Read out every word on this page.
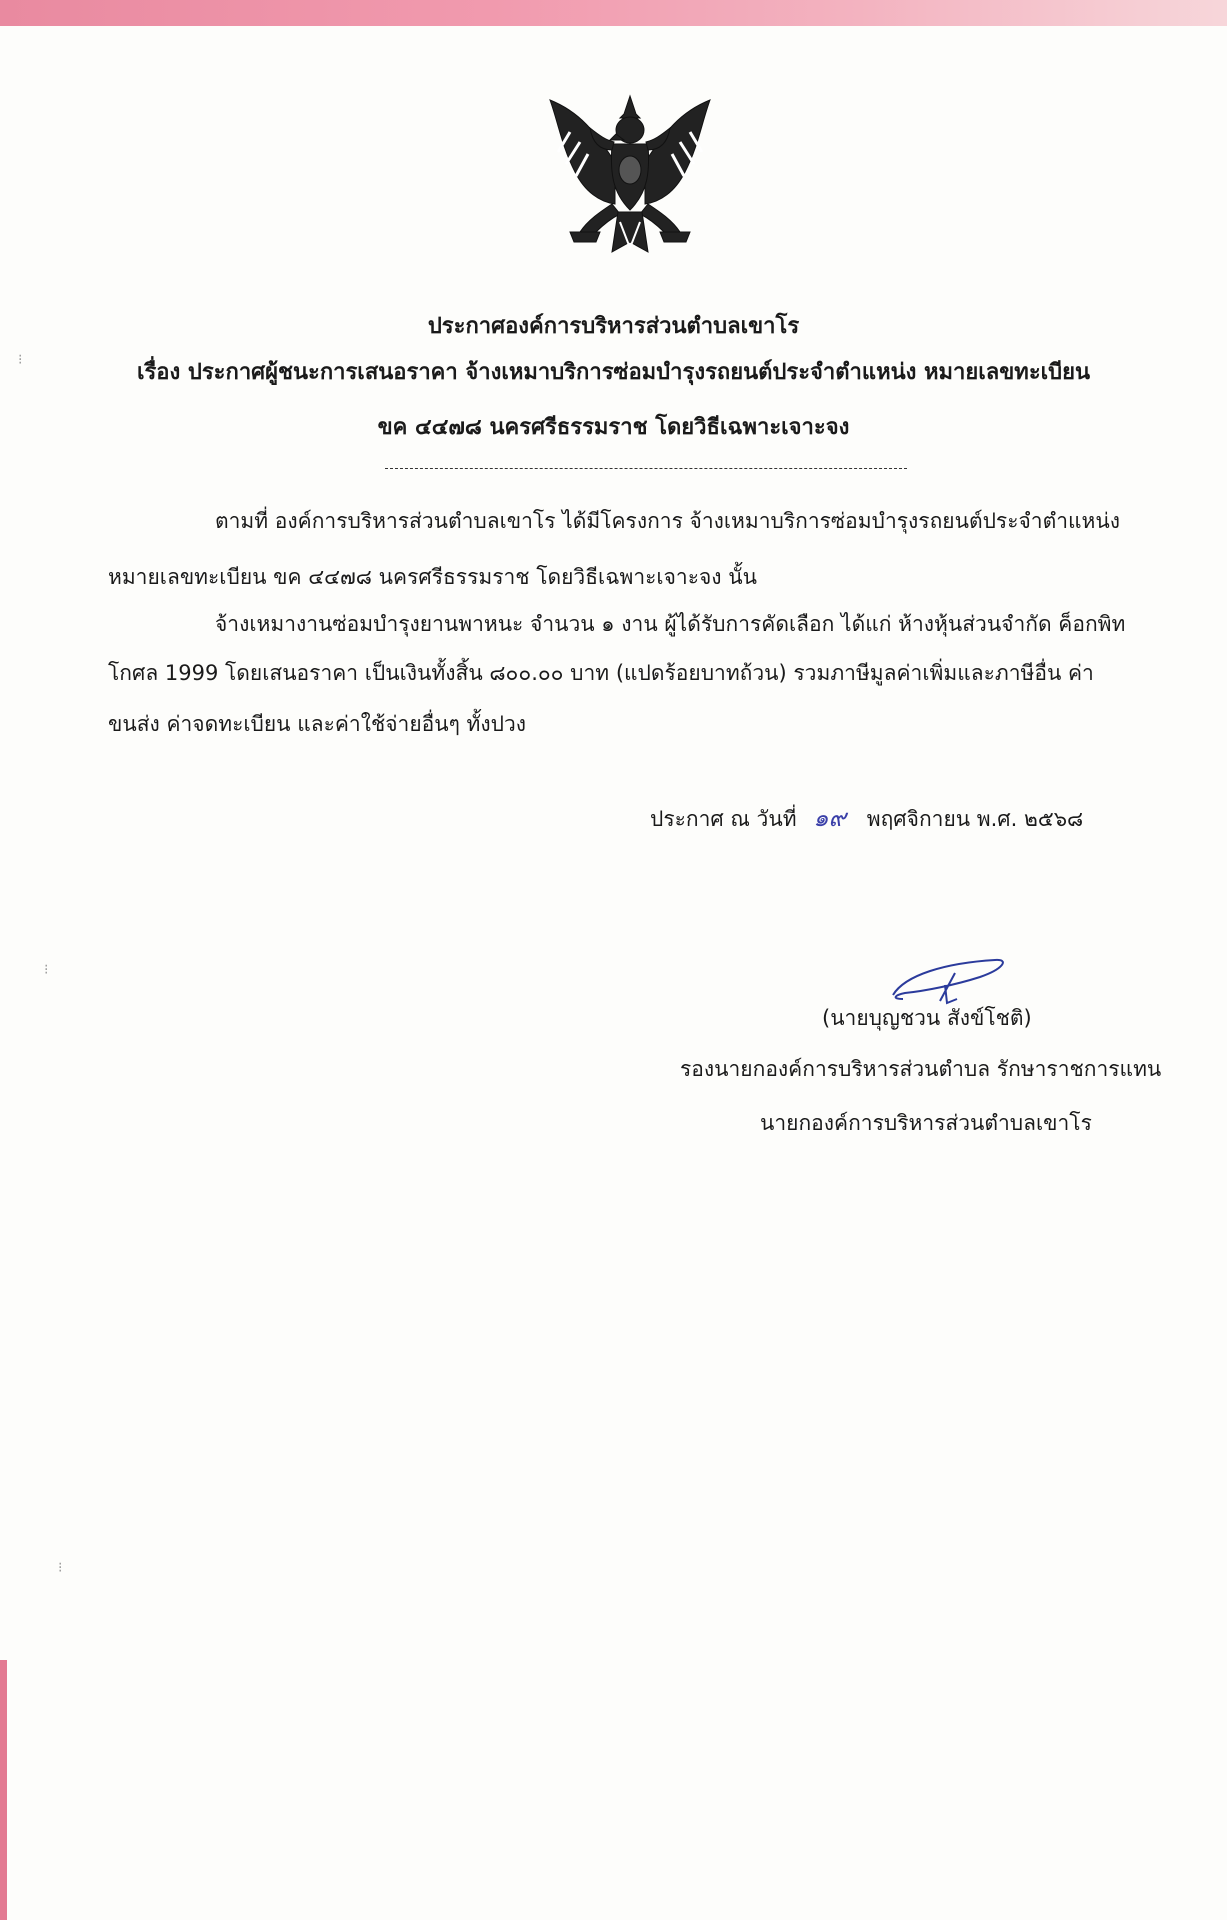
ประกาศองค์การบริหารส่วนตำบลเขาโร
เรื่อง ประกาศผู้ชนะการเสนอราคา จ้างเหมาบริการซ่อมบำรุงรถยนต์ประจำตำแหน่ง หมายเลขทะเบียน
ขค ๔๔๗๘ นครศรีธรรมราช โดยวิธีเฉพาะเจาะจง
ตามที่ องค์การบริหารส่วนตำบลเขาโร ได้มีโครงการ จ้างเหมาบริการซ่อมบำรุงรถยนต์ประจำตำแหน่ง
หมายเลขทะเบียน ขค ๔๔๗๘ นครศรีธรรมราช โดยวิธีเฉพาะเจาะจง นั้น
จ้างเหมางานซ่อมบำรุงยานพาหนะ จำนวน ๑ งาน ผู้ได้รับการคัดเลือก ได้แก่ ห้างหุ้นส่วนจำกัด ค็อกพิท
โกศล 1999 โดยเสนอราคา เป็นเงินทั้งสิ้น ๘๐๐.๐๐ บาท (แปดร้อยบาทถ้วน) รวมภาษีมูลค่าเพิ่มและภาษีอื่น ค่า
ขนส่ง ค่าจดทะเบียน และค่าใช้จ่ายอื่นๆ ทั้งปวง
ประกาศ ณ วันที่ ๑๙ พฤศจิกายน พ.ศ. ๒๕๖๘
(นายบุญชวน สังข์โชติ)
รองนายกองค์การบริหารส่วนตำบล รักษาราชการแทน
นายกองค์การบริหารส่วนตำบลเขาโร
⁝
⁝
⁝
